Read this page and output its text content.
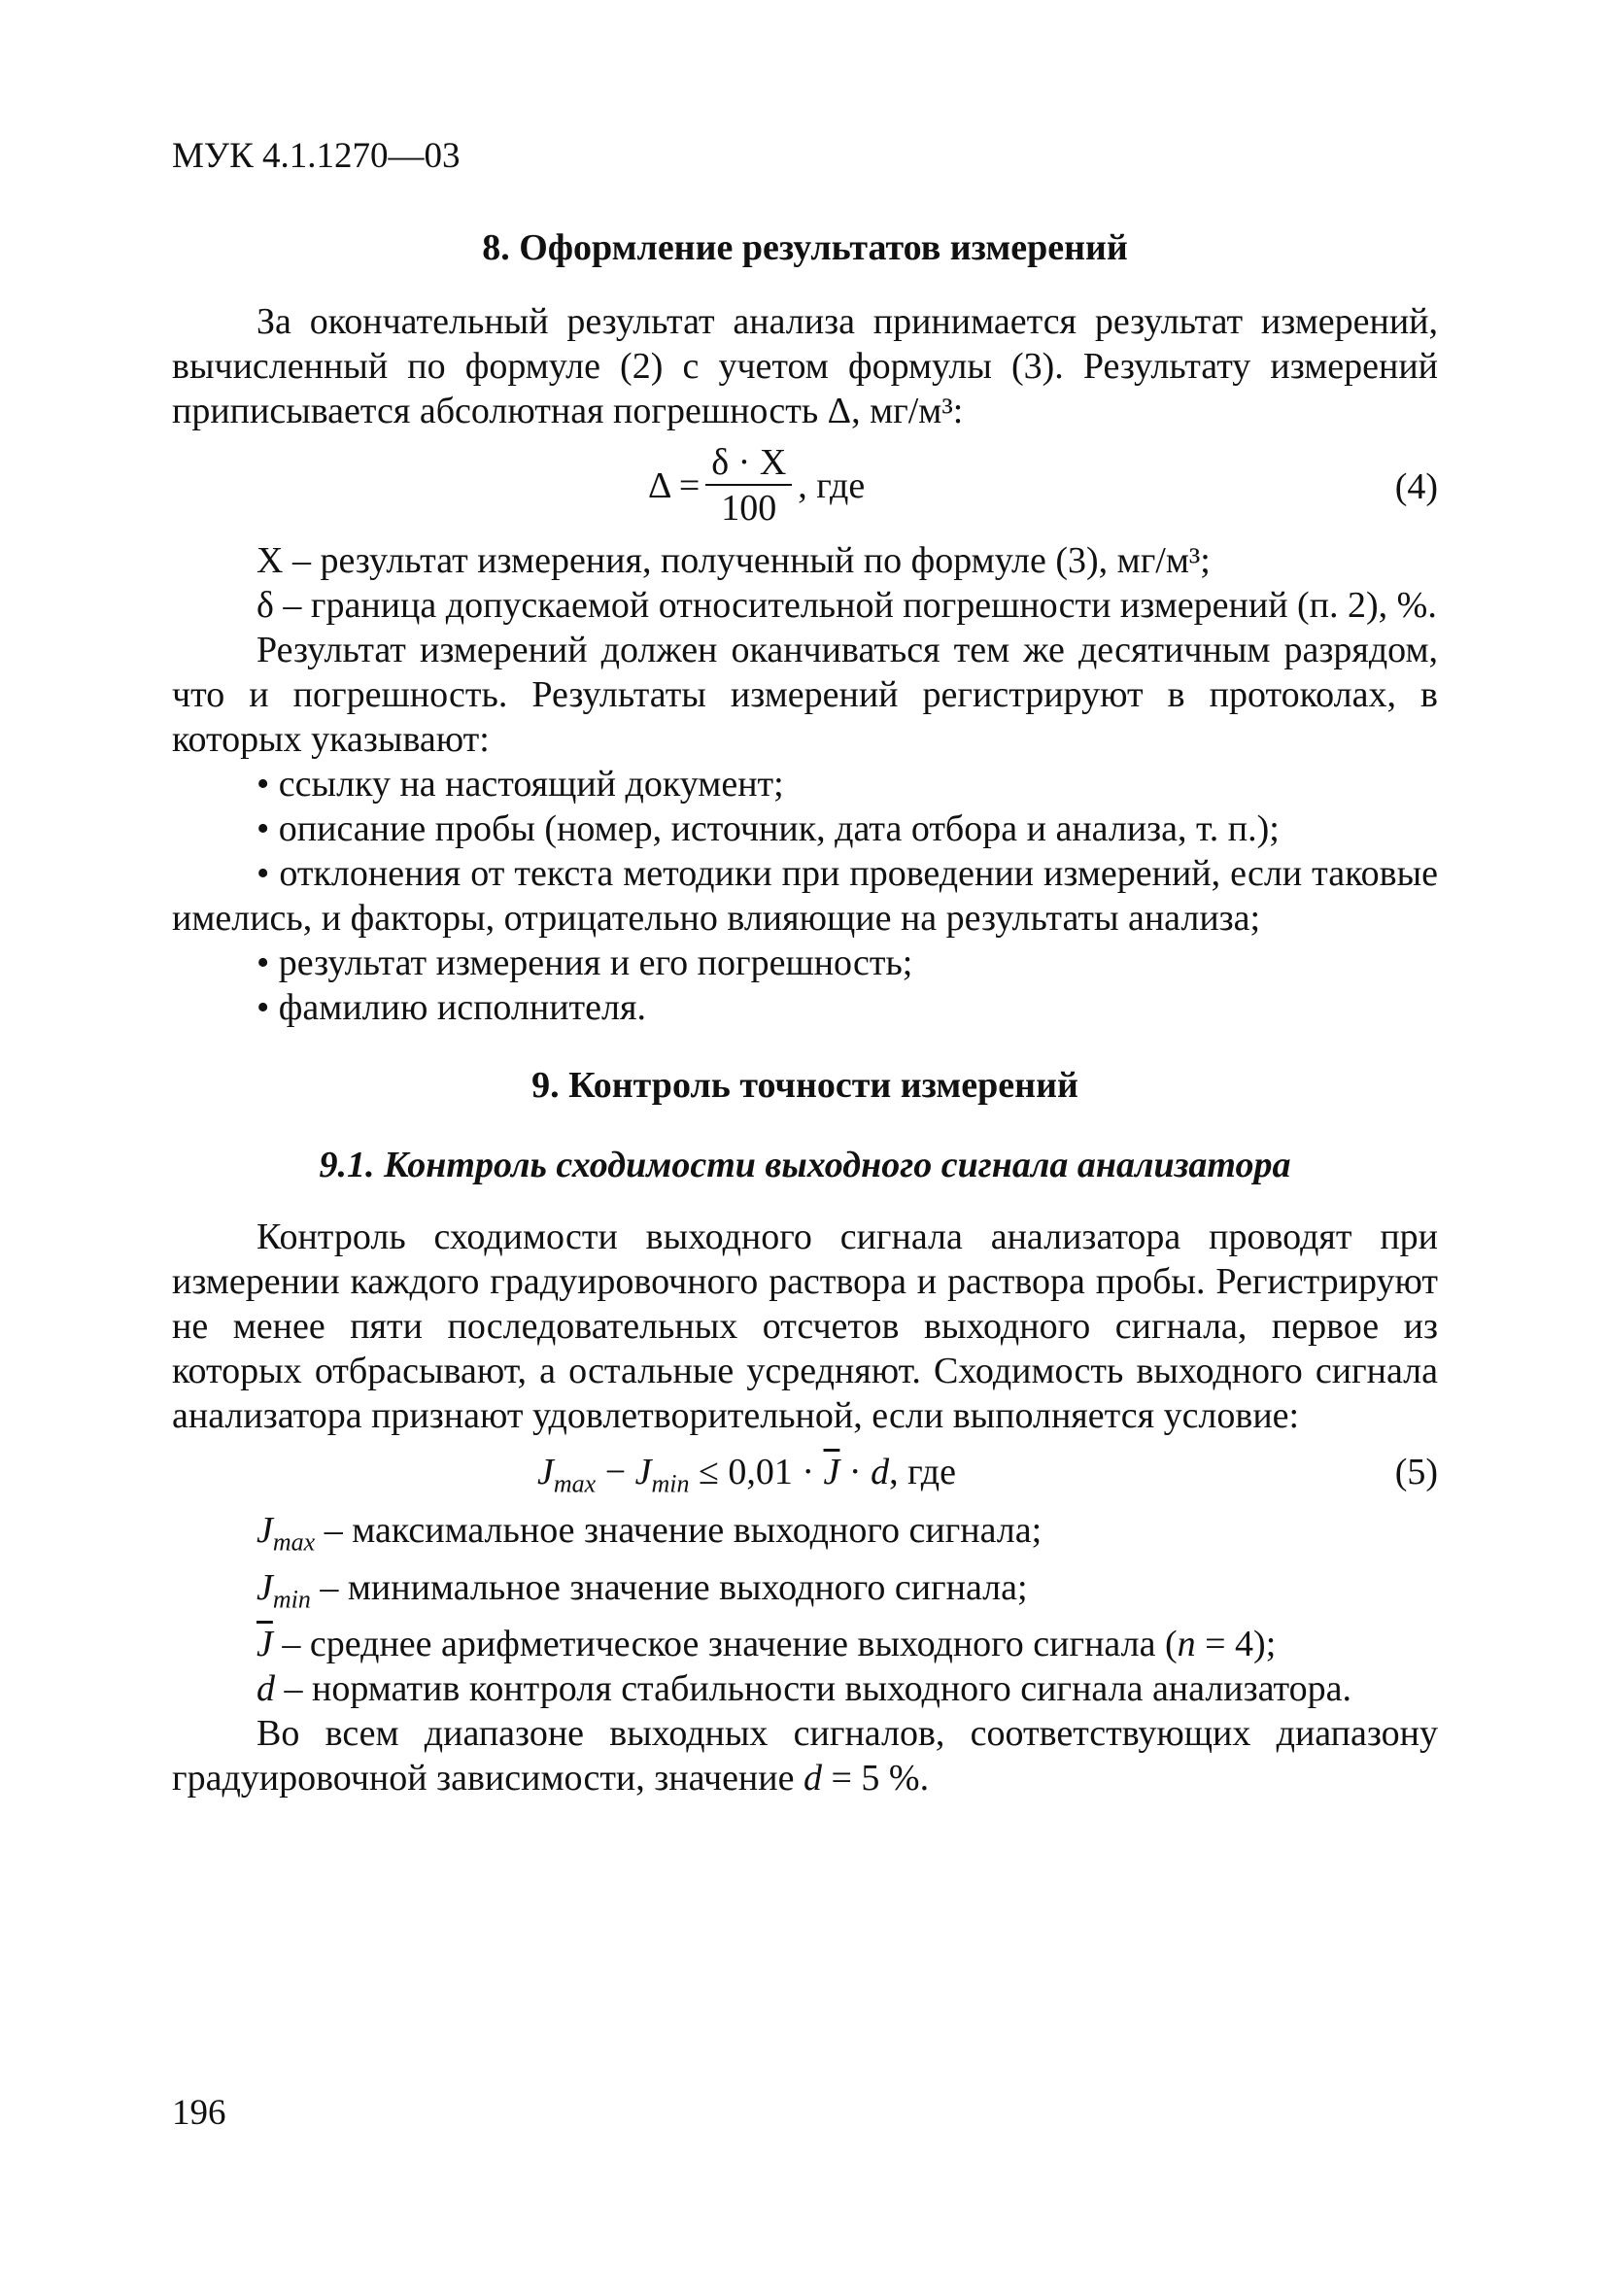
МУК 4.1.1270—03
8. Оформление результатов измерений

За окончательный результат анализа принимается результат измерений, вычисленный по формуле (2) с учетом формулы (3). Результату измерений приписывается абсолютная погрешность Δ, мг/м³:

$\Delta = \frac{\delta \cdot X}{100}$ , где	(4)

X – результат измерения, полученный по формуле (3), мг/м³;

δ – граница допускаемой относительной погрешности измерений (п. 2), %.

Результат измерений должен оканчиваться тем же десятичным разрядом, что и погрешность. Результаты измерений регистрируют в протоколах, в которых указывают:

• ссылку на настоящий документ;

• описание пробы (номер, источник, дата отбора и анализа, т. п.);

• отклонения от текста методики при проведении измерений, если таковые имелись, и факторы, отрицательно влияющие на результаты анализа;

• результат измерения и его погрешность;

• фамилию исполнителя.

9. Контроль точности измерений
9.1. Контроль сходимости выходного сигнала анализатора

Контроль сходимости выходного сигнала анализатора проводят при измерении каждого градуировочного раствора и раствора пробы. Регистрируют не менее пяти последовательных отсчетов выходного сигнала, первое из которых отбрасывают, а остальные усредняют. Сходимость выходного сигнала анализатора признают удовлетворительной, если выполняется условие:

$J_{max} - J_{min} \le 0,01 \cdot \overline{J} \cdot d$, где	(5)

$J_{max}$ – максимальное значение выходного сигнала;

$J_{min}$ – минимальное значение выходного сигнала;

$\overline{J}$ – среднее арифметическое значение выходного сигнала (n = 4);

d – норматив контроля стабильности выходного сигнала анализатора.

Во всем диапазоне выходных сигналов, соответствующих диапазону градуировочной зависимости, значение d = 5 %.

196
